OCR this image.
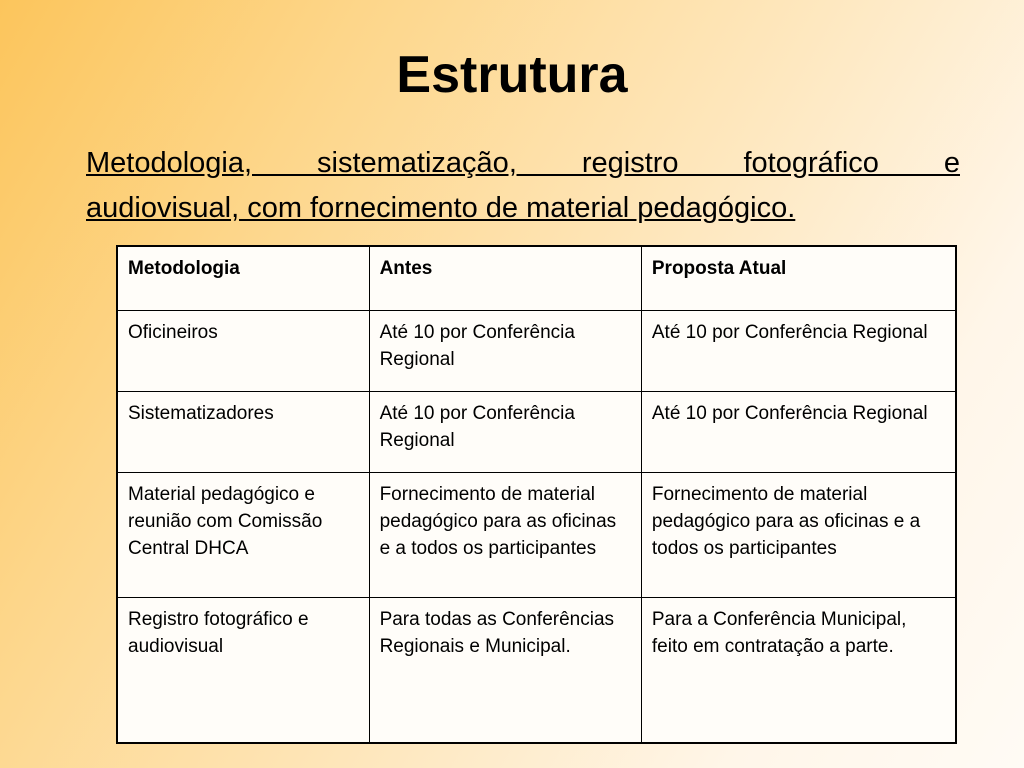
Estrutura

Metodologia, sistematização, registro fotográfico e
audiovisual, com fornecimento de material pedagógico.

Metodologia	Antes	Proposta Atual
Oficineiros	Até 10 por Conferência Regional	Até 10 por Conferência Regional
Sistematizadores	Até 10 por Conferência Regional	Até 10 por Conferência Regional
Material pedagógico e reunião com Comissão Central DHCA	Fornecimento de material pedagógico para as oficinas e a todos os participantes	Fornecimento de material pedagógico para as oficinas e a todos os participantes
Registro fotográfico e audiovisual	Para todas as Conferências Regionais e Municipal.	Para a Conferência Municipal, feito em contratação a parte.
